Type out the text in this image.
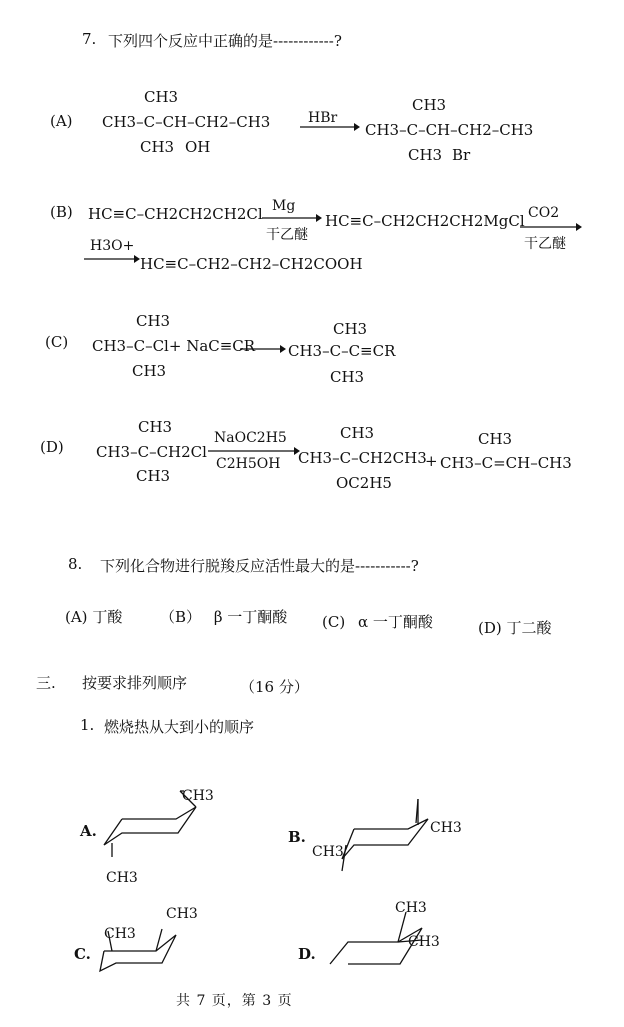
7. 下列四个反应中正确的是------------?
(A)
CH3
CH3–C–CH–CH2–CH3
CH3 OH
HBr
CH3
CH3–C–CH–CH2–CH3
CH3 Br
(B) HC≡C–CH2CH2CH2Cl Mg
干乙醚
HC≡C–CH2CH2CH2MgCl CO2
干乙醚
H3O+
→ HC≡C–CH2–CH2–CH2COOH
(C)
CH3
CH3–C–Cl+ NaC≡CR
CH3
CH3
CH3–C–C≡CR
CH3
(D)
CH3
CH3–C–CH2Cl
CH3
NaOC2H5
C2H5OH
CH3
CH3–C–CH2CH3
OC2H5
+
CH3
CH3–C=CH–CH3
8. 下列化合物进行脱羧反应活性最大的是-----------?
(A) 丁酸	（B） β 一丁酮酸 (C) α 一丁酮酸	(D) 丁二酸
三. 按要求排列顺序	（16 分）
1. 燃烧热从大到小的顺序
A.
CH3
CH3
B.	CH3
CH3
C.
CH3
CH3
D.
CH3
CH3
共 7 页，第 3 页
